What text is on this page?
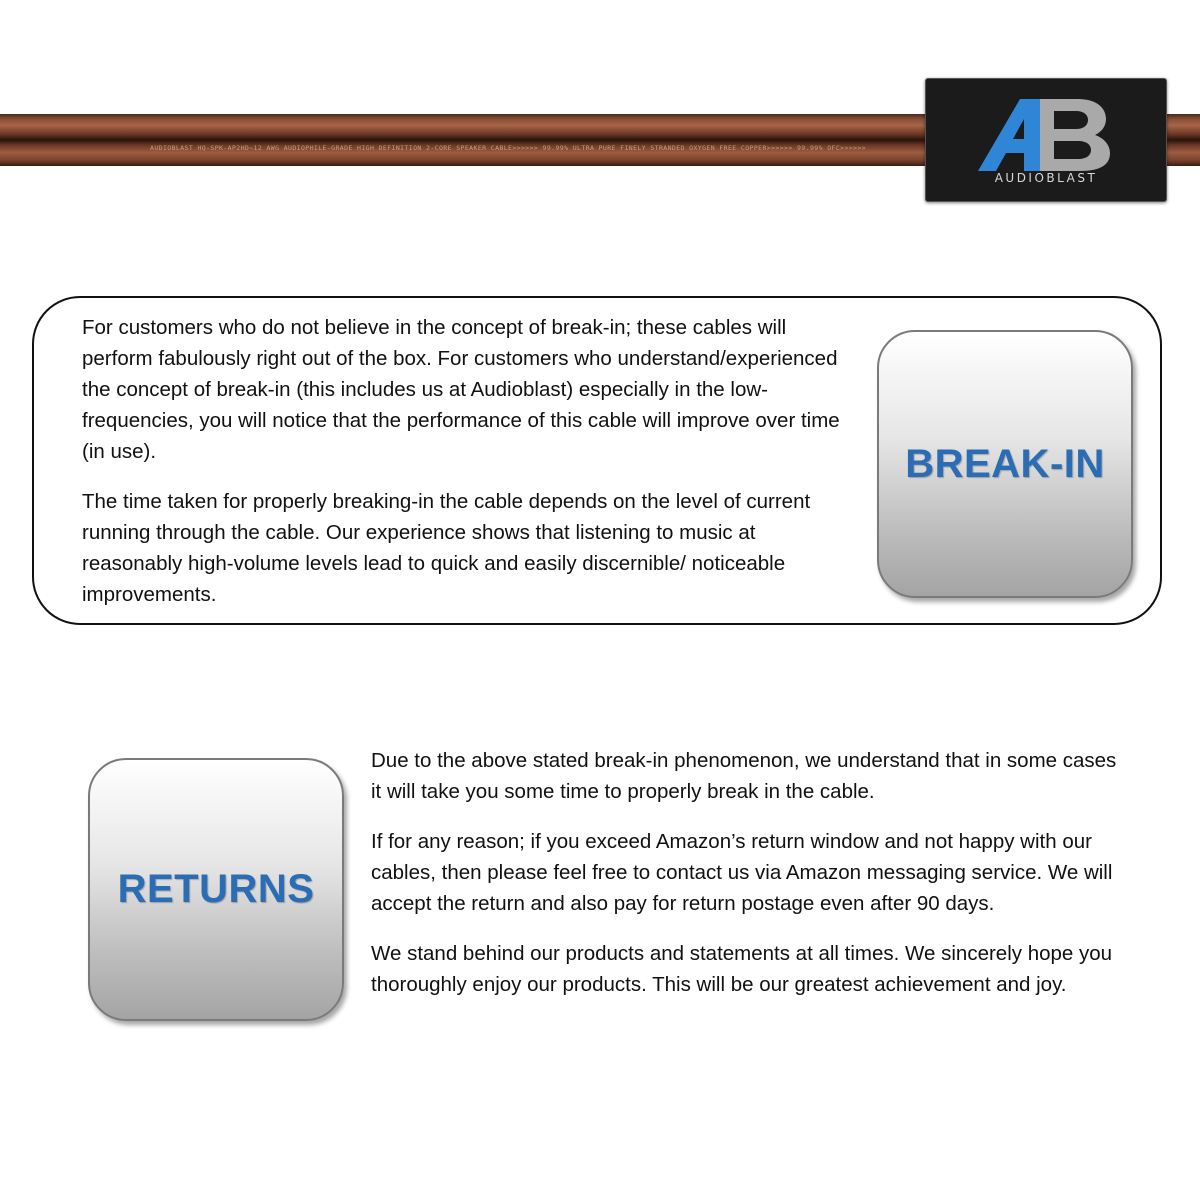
AUDIOBLAST HQ-SPK-AP2HD~12 AWG AUDIOPHILE-GRADE HIGH DEFINITION 2-CORE SPEAKER CABLE>>>>>> 99.99% ULTRA PURE FINELY STRANDED OXYGEN FREE COPPER>>>>>> 99.99% OFC>>>>>>
AUDIOBLAST

For customers who do not believe in the concept of break-in; these cables will perform fabulously right out of the box. For customers who understand/experienced the concept of break-in (this includes us at Audioblast) especially in the low-frequencies, you will notice that the performance of this cable will improve over time (in use).

The time taken for properly breaking-in the cable depends on the level of current running through the cable. Our experience shows that listening to music at reasonably high-volume levels lead to quick and easily discernible/ noticeable improvements.

BREAK-IN
RETURNS

Due to the above stated break-in phenomenon, we understand that in some cases it will take you some time to properly break in the cable.

If for any reason; if you exceed Amazon’s return window and not happy with our cables, then please feel free to contact us via Amazon messaging service. We will accept the return and also pay for return postage even after 90 days.

We stand behind our products and statements at all times. We sincerely hope you thoroughly enjoy our products. This will be our greatest achievement and joy.
